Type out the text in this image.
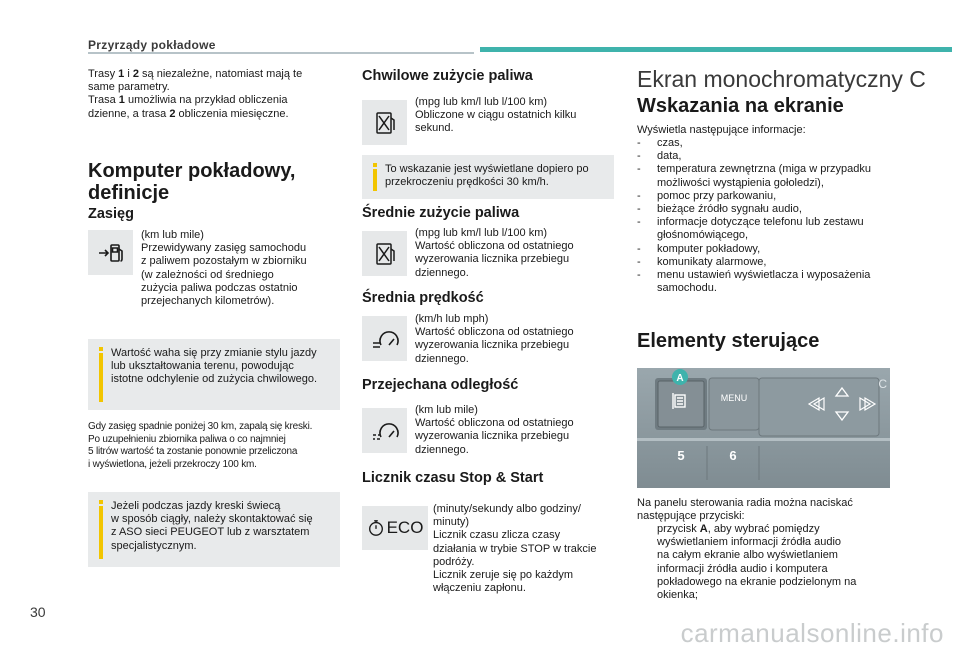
Przyrządy pokładowe
Trasy 1 i 2 są niezależne, natomiast mają te
same parametry.
Trasa 1 umożliwia na przykład obliczenia
dzienne, a trasa 2 obliczenia miesięczne.
Komputer pokładowy,
definicje
Zasięg
(km lub mile)
Przewidywany zasięg samochodu
z paliwem pozostałym w zbiorniku
(w zależności od średniego
zużycia paliwa podczas ostatnio
przejechanych kilometrów).
Wartość waha się przy zmianie stylu jazdy
lub ukształtowania terenu, powodując
istotne odchylenie od zużycia chwilowego.
Gdy zasięg spadnie poniżej 30 km, zapalą się kreski.
Po uzupełnieniu zbiornika paliwa o co najmniej
5 litrów wartość ta zostanie ponownie przeliczona
i wyświetlona, jeżeli przekroczy 100 km.
Jeżeli podczas jazdy kreski świecą
w sposób ciągły, należy skontaktować się
z ASO sieci PEUGEOT lub z warsztatem
specjalistycznym.
Chwilowe zużycie paliwa
(mpg lub km/l lub l/100 km)
Obliczone w ciągu ostatnich kilku
sekund.
To wskazanie jest wyświetlane dopiero po
przekroczeniu prędkości 30 km/h.
Średnie zużycie paliwa
(mpg lub km/l lub l/100 km)
Wartość obliczona od ostatniego
wyzerowania licznika przebiegu
dziennego.
Średnia prędkość
(km/h lub mph)
Wartość obliczona od ostatniego
wyzerowania licznika przebiegu
dziennego.
Przejechana odległość
(km lub mile)
Wartość obliczona od ostatniego
wyzerowania licznika przebiegu
dziennego.
Licznik czasu Stop & Start
ECO
(minuty/sekundy albo godziny/
minuty)
Licznik czasu zlicza czasy
działania w trybie STOP w trakcie
podróży.
Licznik zeruje się po każdym
włączeniu zapłonu.
Ekran monochromatyczny C
Wskazania na ekranie
Wyświetla następujące informacje:
- czas,
- data,
- temperatura zewnętrzna (miga w przypadku
możliwości wystąpienia gołoledzi),
- pomoc przy parkowaniu,
- bieżące źródło sygnału audio,
- informacje dotyczące telefonu lub zestawu
głośnomówiącego,
- komputer pokładowy,
- komunikaty alarmowe,
- menu ustawień wyświetlacza i wyposażenia
samochodu.
Elementy sterujące
MENU
5	6
A	C
Na panelu sterowania radia można naciskać
następujące przyciski:
przycisk A, aby wybrać pomiędzy
wyświetlaniem informacji źródła audio
na całym ekranie albo wyświetlaniem
informacji źródła audio i komputera
pokładowego na ekranie podzielonym na
okienka;
30
carmanualsonline.info
